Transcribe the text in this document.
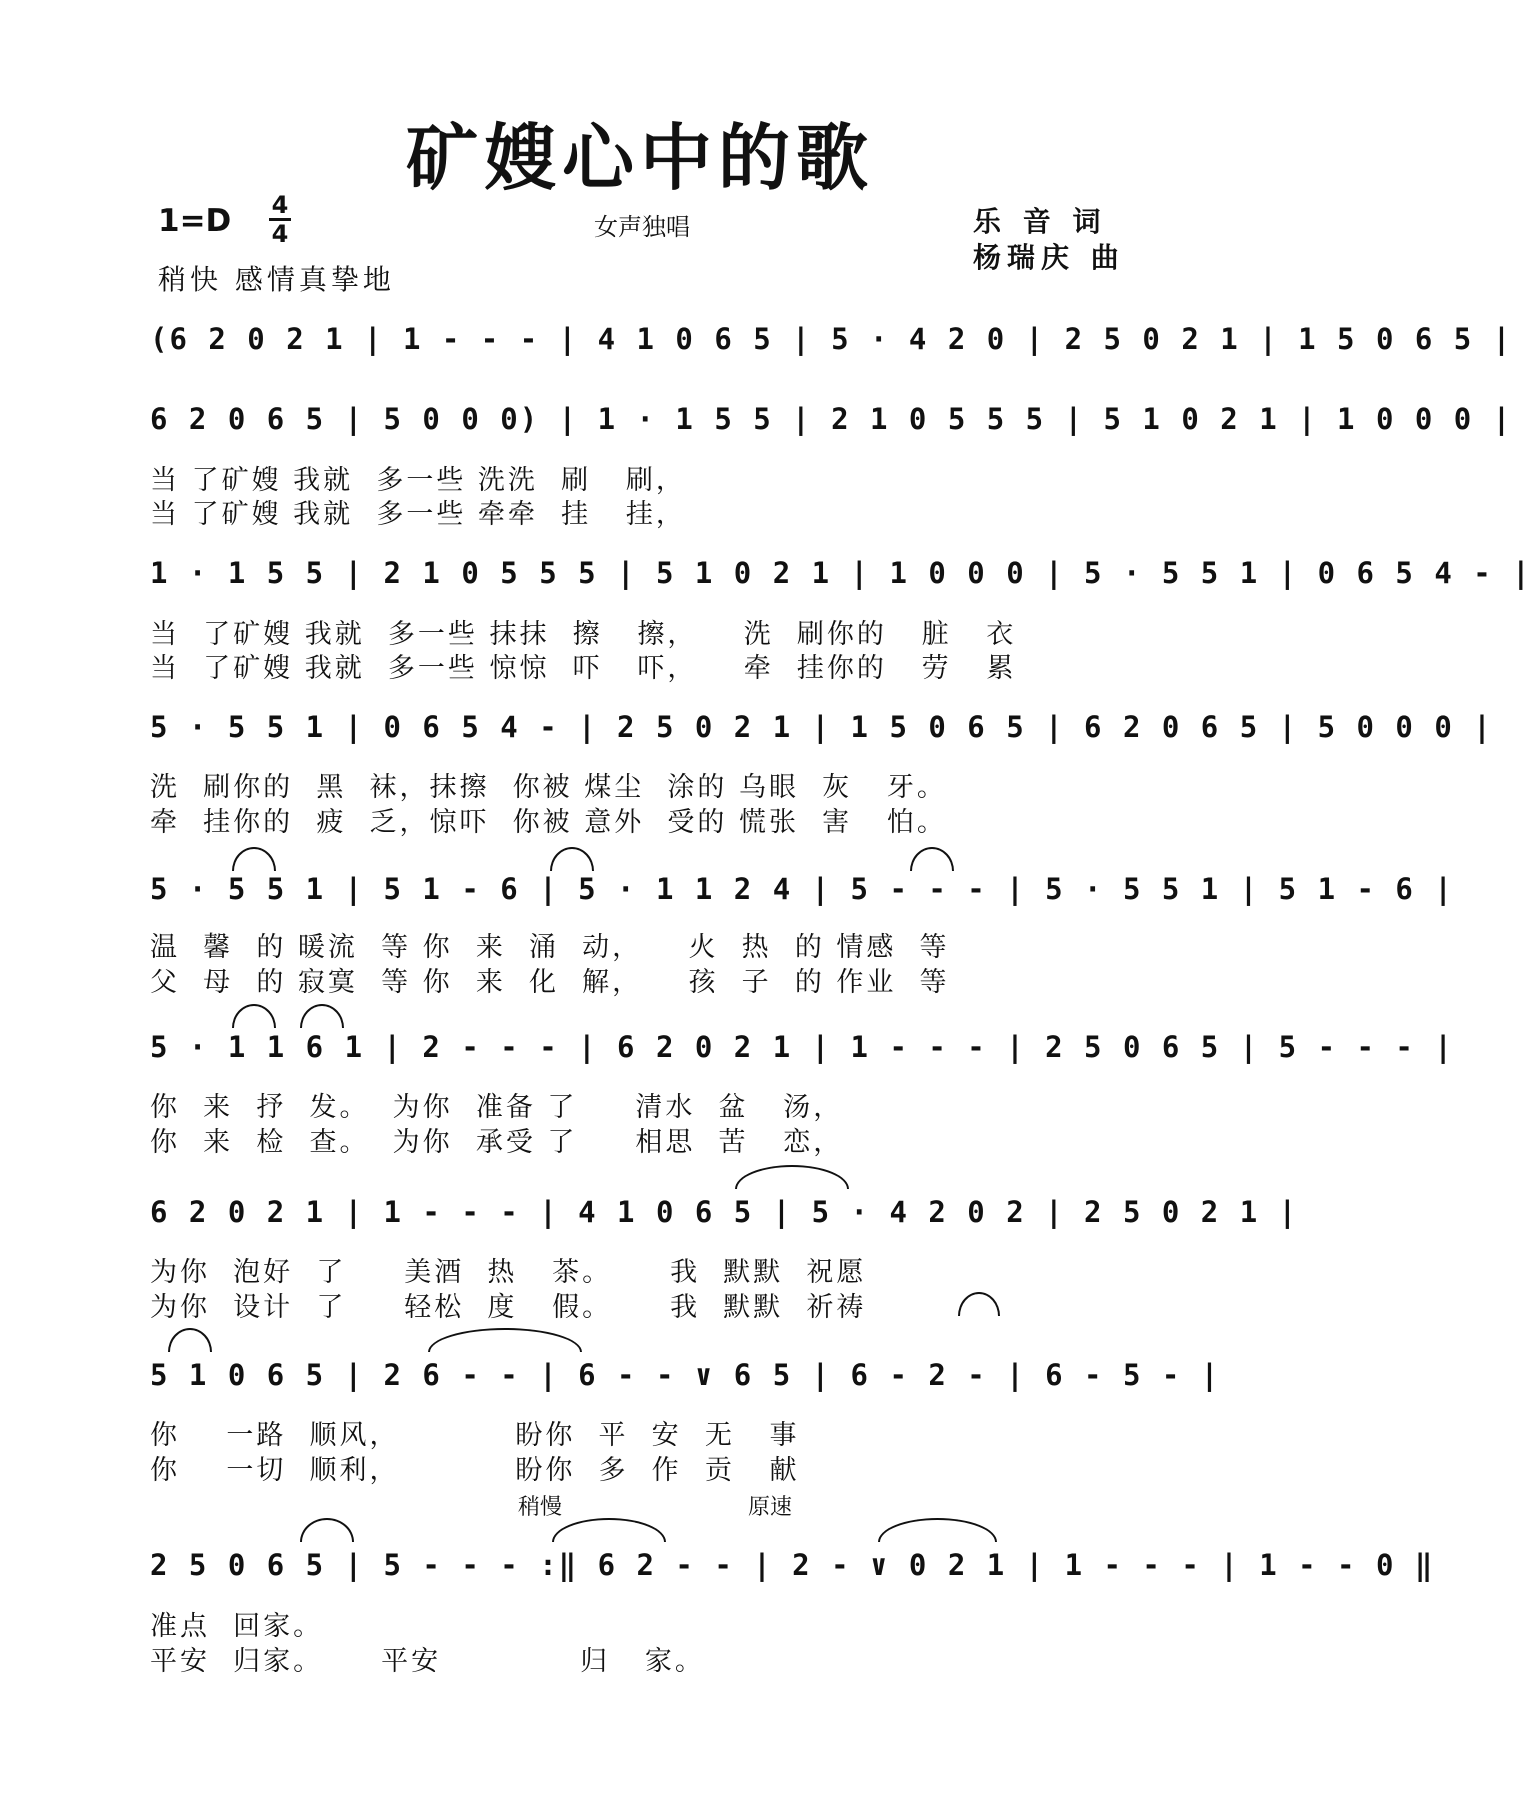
矿嫂心中的歌
1=D 4
4	女声独唱	乐 音 词
杨瑞庆 曲
稍快 感情真挚地
(6 2 0 2 1 | 1 - - - | 4 1 0 6 5 | 5 · 4 2 0 | 2 5 0 2 1 | 1 5 0 6 5 |
6 2 0 6 5 | 5 0 0 0) | 1 · 1 5 5 | 2 1 0 5 5 5 | 5 1 0 2 1 | 1 0 0 0 |
当 了矿嫂 我就  多一些 洗洗  刷   刷，
当 了矿嫂 我就  多一些 牵牵  挂   挂，
1 · 1 5 5 | 2 1 0 5 5 5 | 5 1 0 2 1 | 1 0 0 0 | 5 · 5 5 1 | 0 6 5 4 - |
当  了矿嫂 我就  多一些 抹抹  擦   擦，    洗  刷你的   脏   衣
当  了矿嫂 我就  多一些 惊惊  吓   吓，    牵  挂你的   劳   累
5 · 5 5 1 | 0 6 5 4 - | 2 5 0 2 1 | 1 5 0 6 5 | 6 2 0 6 5 | 5 0 0 0 |
洗  刷你的  黑  袜，抹擦  你被 煤尘  涂的 乌眼  灰   牙。
牵  挂你的  疲  乏，惊吓  你被 意外  受的 慌张  害   怕。
5 · 5 5 1 | 5 1 - 6 | 5 · 1 1 2 4 | 5 - - - | 5 · 5 5 1 | 5 1 - 6 |
温  馨  的 暖流  等 你  来  涌  动，    火  热  的 情感  等
父  母  的 寂寞  等 你  来  化  解，    孩  子  的 作业  等
5 · 1 1 6 1 | 2 - - - | 6 2 0 2 1 | 1 - - - | 2 5 0 6 5 | 5 - - - |
你  来  抒  发。  为你  准备 了     清水  盆   汤，
你  来  检  查。  为你  承受 了     相思  苦   恋，
6 2 0 2 1 | 1 - - - | 4 1 0 6 5 | 5 · 4 2 0 2 | 2 5 0 2 1 |
为你  泡好  了     美酒  热   茶。     我  默默  祝愿
为你  设计  了     轻松  度   假。     我  默默  祈祷
5 1 0 6 5 | 2 6 - - | 6 - - ∨ 6 5 | 6 - 2 - | 6 - 5 - |
你    一路  顺风，          盼你  平  安  无   事
你    一切  顺利，          盼你  多  作  贡   献
稍慢	原速
2 5 0 6 5 | 5 - - - :‖ 6 2 - - | 2 - ∨ 0 2 1 | 1 - - - | 1 - - 0 ‖
准点  回家。
平安  归家。     平安            归   家。
